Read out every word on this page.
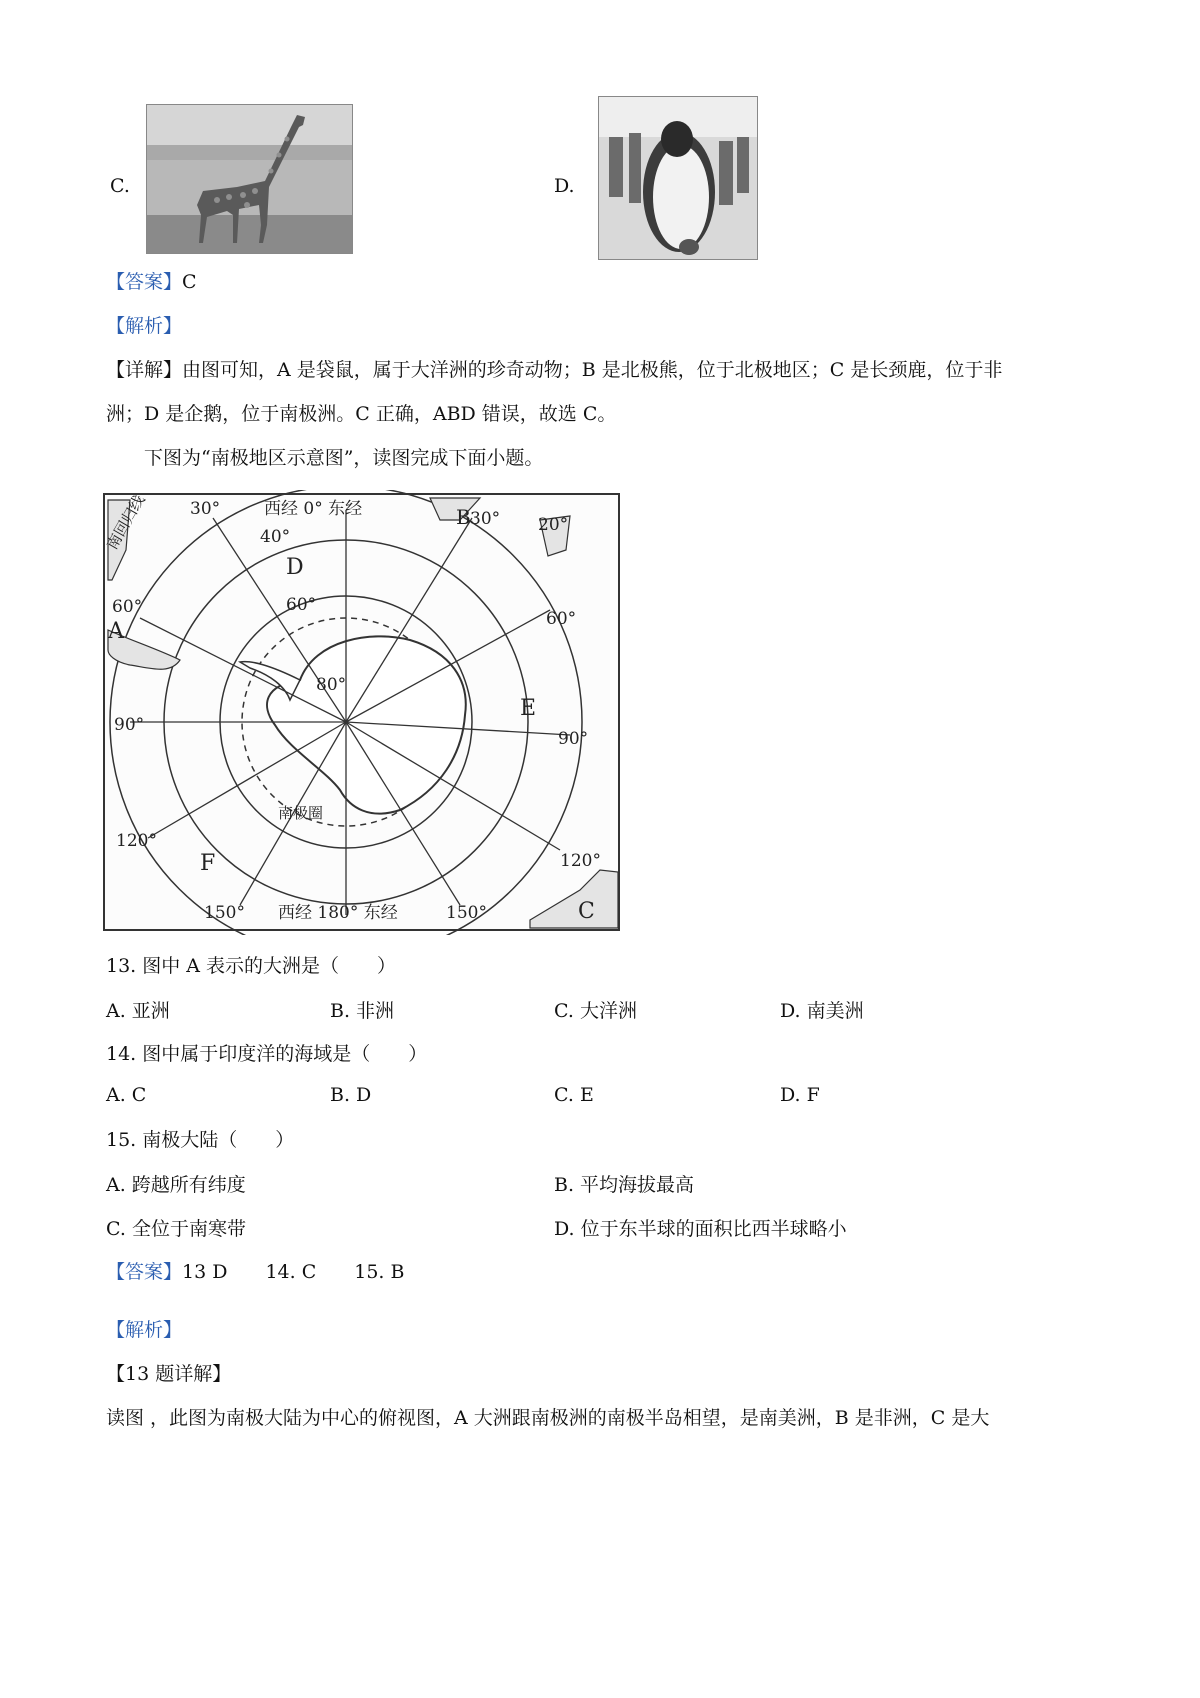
C.	D.
【答案】C
【解析】
【详解】由图可知，A 是袋鼠，属于大洋洲的珍奇动物；B 是北极熊，位于北极地区；C 是长颈鹿，位于非
洲；D 是企鹅，位于南极洲。C 正确，ABD 错误，故选 C。
下图为“南极地区示意图”，读图完成下面小题。
南回归线 30°	西经 0° 东经	B 30° 20°
40°
D
60°
60°
A	60°
80°
E
90°
90°
南极圈
120°
F	120°
150° 西经 180° 东经	150°	C
13. 图中 A 表示的大洲是（　　）
A. 亚洲	B. 非洲	C. 大洋洲	D. 南美洲
14. 图中属于印度洋的海域是（　　）
A. C	B. D	C. E	D. F
15. 南极大陆（　　）
A. 跨越所有纬度	B. 平均海拔最高
C. 全位于南寒带	D. 位于东半球的面积比西半球略小
【答案】13 D　　14. C　　15. B
【解析】
【13 题详解】
读图 ，此图为南极大陆为中心的俯视图，A 大洲跟南极洲的南极半岛相望，是南美洲，B 是非洲，C 是大
